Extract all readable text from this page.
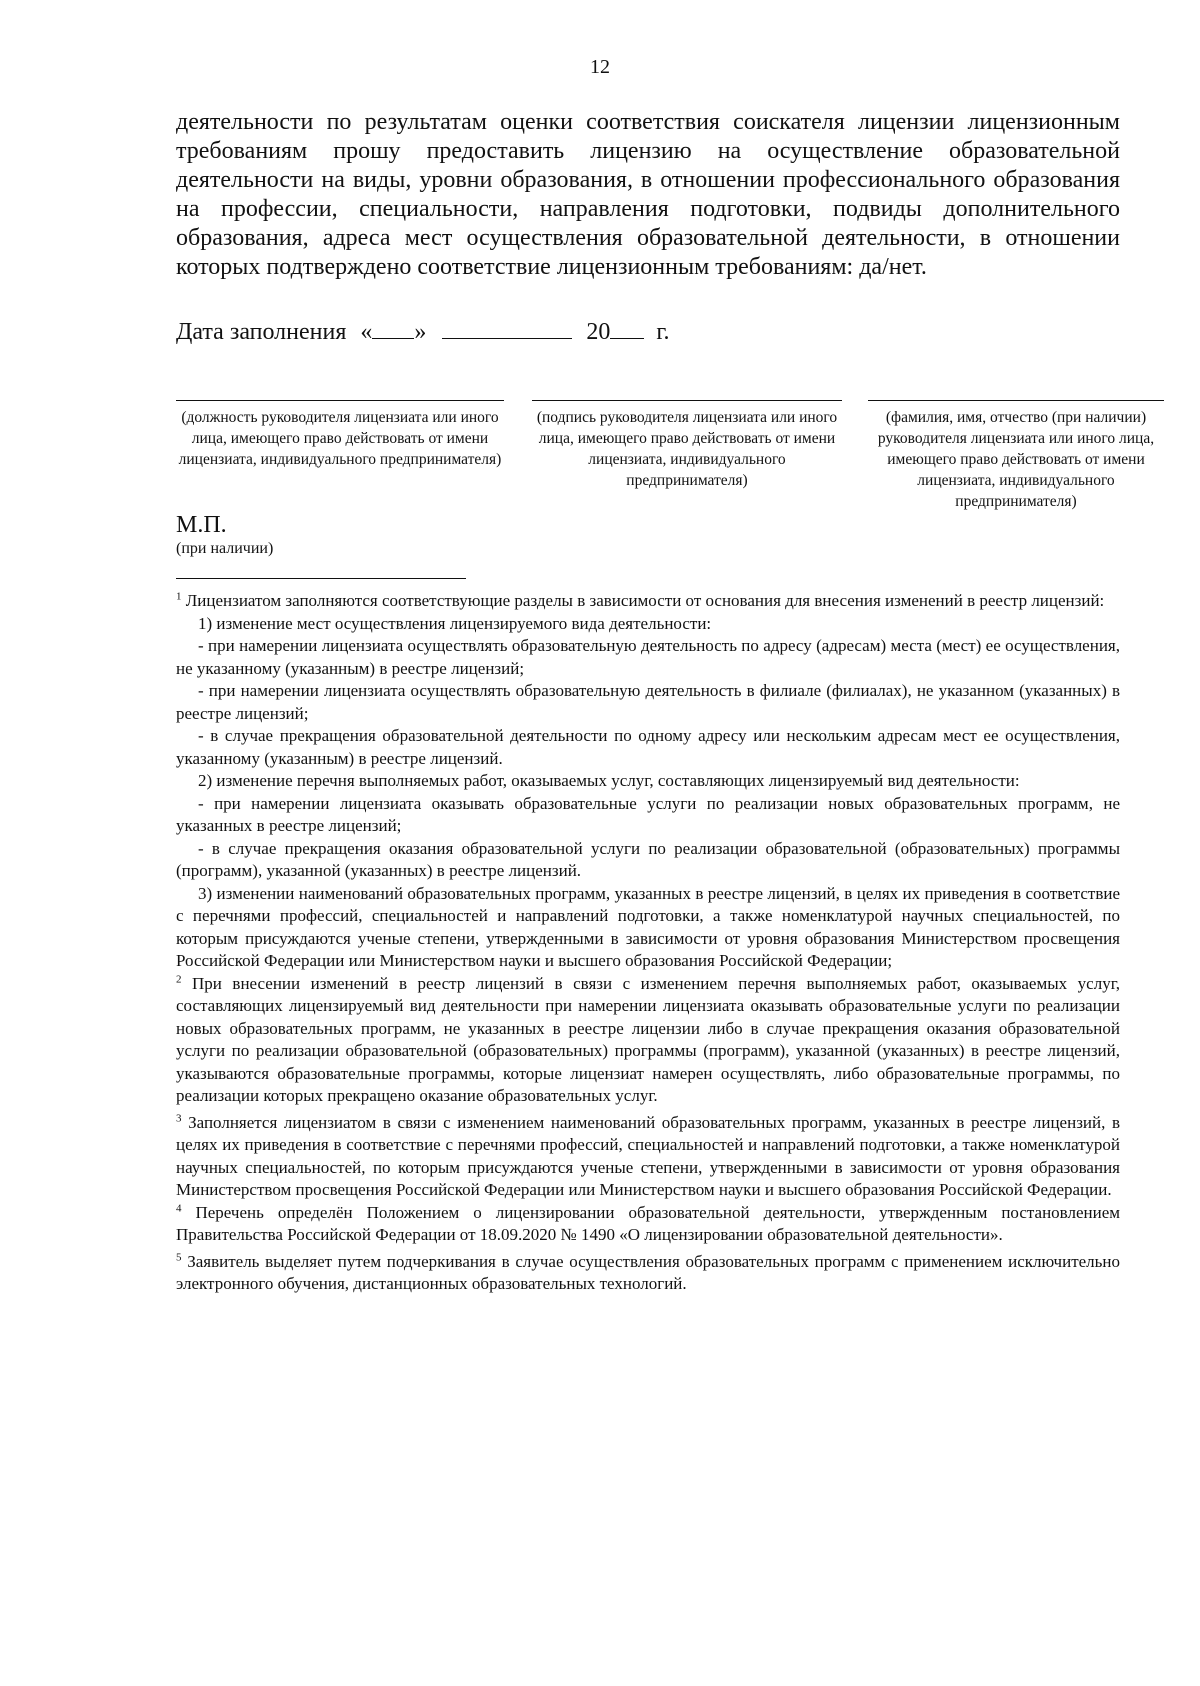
12
деятельности по результатам оценки соответствия соискателя лицензии лицензионным требованиям прошу предоставить лицензию на осуществление образовательной деятельности на виды, уровни образования, в отношении профессионального образования на профессии, специальности, направления подготовки, подвиды дополнительного образования, адреса мест осуществления образовательной деятельности, в отношении которых подтверждено соответствие лицензионным требованиям: да/нет.
Дата заполнения « »	20 г.
(должность руководителя лицензиата или иного лица, имеющего право действовать от имени лицензиата, индивидуального предпринимателя)
(подпись руководителя лицензиата или иного лица, имеющего право действовать от имени лицензиата, индивидуального предпринимателя)
(фамилия, имя, отчество (при наличии) руководителя лицензиата или иного лица, имеющего право действовать от имени лицензиата, индивидуального предпринимателя)
М.П.
(при наличии)

$^1$ Лицензиатом заполняются соответствующие разделы в зависимости от основания для внесения изменений в реестр лицензий:

1) изменение мест осуществления лицензируемого вида деятельности:

- при намерении лицензиата осуществлять образовательную деятельность по адресу (адресам) места (мест) ее осуществления, не указанному (указанным) в реестре лицензий;

- при намерении лицензиата осуществлять образовательную деятельность в филиале (филиалах), не указанном (указанных) в реестре лицензий;

- в случае прекращения образовательной деятельности по одному адресу или нескольким адресам мест ее осуществления, указанному (указанным) в реестре лицензий.

2) изменение перечня выполняемых работ, оказываемых услуг, составляющих лицензируемый вид деятельности:

- при намерении лицензиата оказывать образовательные услуги по реализации новых образовательных программ, не указанных в реестре лицензий;

- в случае прекращения оказания образовательной услуги по реализации образовательной (образовательных) программы (программ), указанной (указанных) в реестре лицензий.

3) изменении наименований образовательных программ, указанных в реестре лицензий, в целях их приведения в соответствие с перечнями профессий, специальностей и направлений подготовки, а также номенклатурой научных специальностей, по которым присуждаются ученые степени, утвержденными в зависимости от уровня образования Министерством просвещения Российской Федерации или Министерством науки и высшего образования Российской Федерации;

$^2$ При внесении изменений в реестр лицензий в связи с изменением перечня выполняемых работ, оказываемых услуг, составляющих лицензируемый вид деятельности при намерении лицензиата оказывать образовательные услуги по реализации новых образовательных программ, не указанных в реестре лицензии либо в случае прекращения оказания образовательной услуги по реализации образовательной (образовательных) программы (программ), указанной (указанных) в реестре лицензий, указываются образовательные программы, которые лицензиат намерен осуществлять, либо образовательные программы, по реализации которых прекращено оказание образовательных услуг.

$^3$ Заполняется лицензиатом в связи с изменением наименований образовательных программ, указанных в реестре лицензий, в целях их приведения в соответствие с перечнями профессий, специальностей и направлений подготовки, а также номенклатурой научных специальностей, по которым присуждаются ученые степени, утвержденными в зависимости от уровня образования Министерством просвещения Российской Федерации или Министерством науки и высшего образования Российской Федерации.

$^4$ Перечень определён Положением о лицензировании образовательной деятельности, утвержденным постановлением Правительства Российской Федерации от 18.09.2020 № 1490 «О лицензировании образовательной деятельности».

$^5$ Заявитель выделяет путем подчеркивания в случае осуществления образовательных программ с применением исключительно электронного обучения, дистанционных образовательных технологий.
